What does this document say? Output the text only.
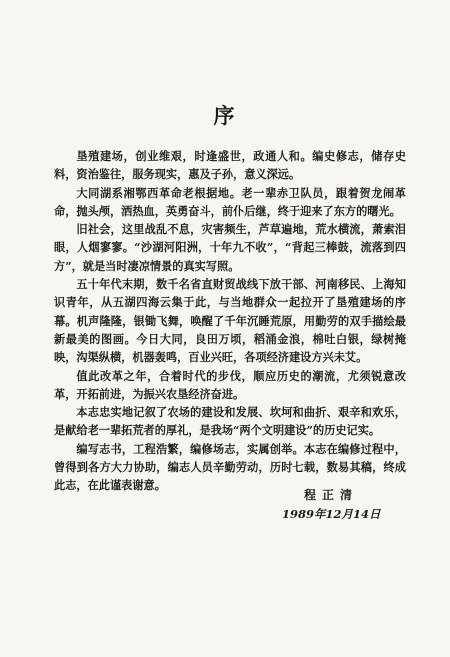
序

垦殖建场，创业维艰，时逢盛世，政通人和。编史修志，储存史料，资治鉴往，服务现实，惠及子孙，意义深远。

大同湖系湘鄂西革命老根据地。老一辈赤卫队员，跟着贺龙闹革命，抛头颅，洒热血，英勇奋斗，前仆后继，终于迎来了东方的曙光。

旧社会，这里战乱不息，灾害频生，芦草遍地，荒水横流，萧索泪眼，人烟寥寥。“沙湖河阳洲，十年九不收”，“背起三棒鼓，流落到四方”，就是当时凄凉情景的真实写照。

五十年代末期，数千名省直财贸战线下放干部、河南移民、上海知识青年，从五湖四海云集于此，与当地群众一起拉开了垦殖建场的序幕。机声隆隆，银锄飞舞，唤醒了千年沉睡荒原，用勤劳的双手描绘最新最美的图画。今日大同，良田万顷，稻涌金浪，棉吐白银，绿树掩映，沟渠纵横，机器轰鸣，百业兴旺，各项经济建设方兴未艾。

值此改革之年，合着时代的步伐，顺应历史的潮流，尤须锐意改革，开拓前进，为振兴农垦经济奋进。

本志忠实地记叙了农场的建设和发展、坎坷和曲折、艰辛和欢乐，是献给老一辈拓荒者的厚礼，是我场“两个文明建设”的历史记实。

编写志书，工程浩繁，编修场志，实属创举。本志在编修过程中，曾得到各方大力协助，编志人员辛勤劳动，历时七载，数易其稿，终成此志，在此谨表谢意。

程正清
1989年12月14日
